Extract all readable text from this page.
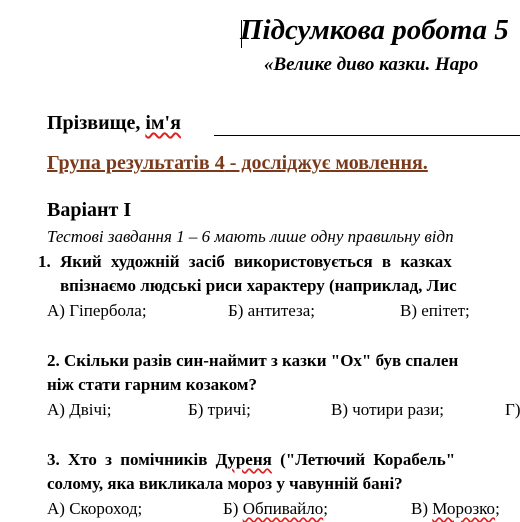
Підсумкова робота 5
«Велике диво казки. Наро
Прізвище, ім'я
Група результатів 4 - досліджує мовлення.
Варіант І
Тестові завдання 1 – 6 мають лише одну правильну відп
1. Який художній засіб використовується в казках
впізнаємо людські риси характеру (наприклад, Лис
А) Гіпербола;	Б) антитеза;	В) епітет;
2. Скільки разів син-наймит з казки "Ох" був спален
ніж стати гарним козаком?
А) Двічі;	Б) тричі;	В) чотири рази;	Г)
3. Хто з помічників Дуреня ("Летючий Корабель"
солому, яка викликала мороз у чавунній бані?
А) Скороход;	Б) Обпивайло;	В) Морозко;
